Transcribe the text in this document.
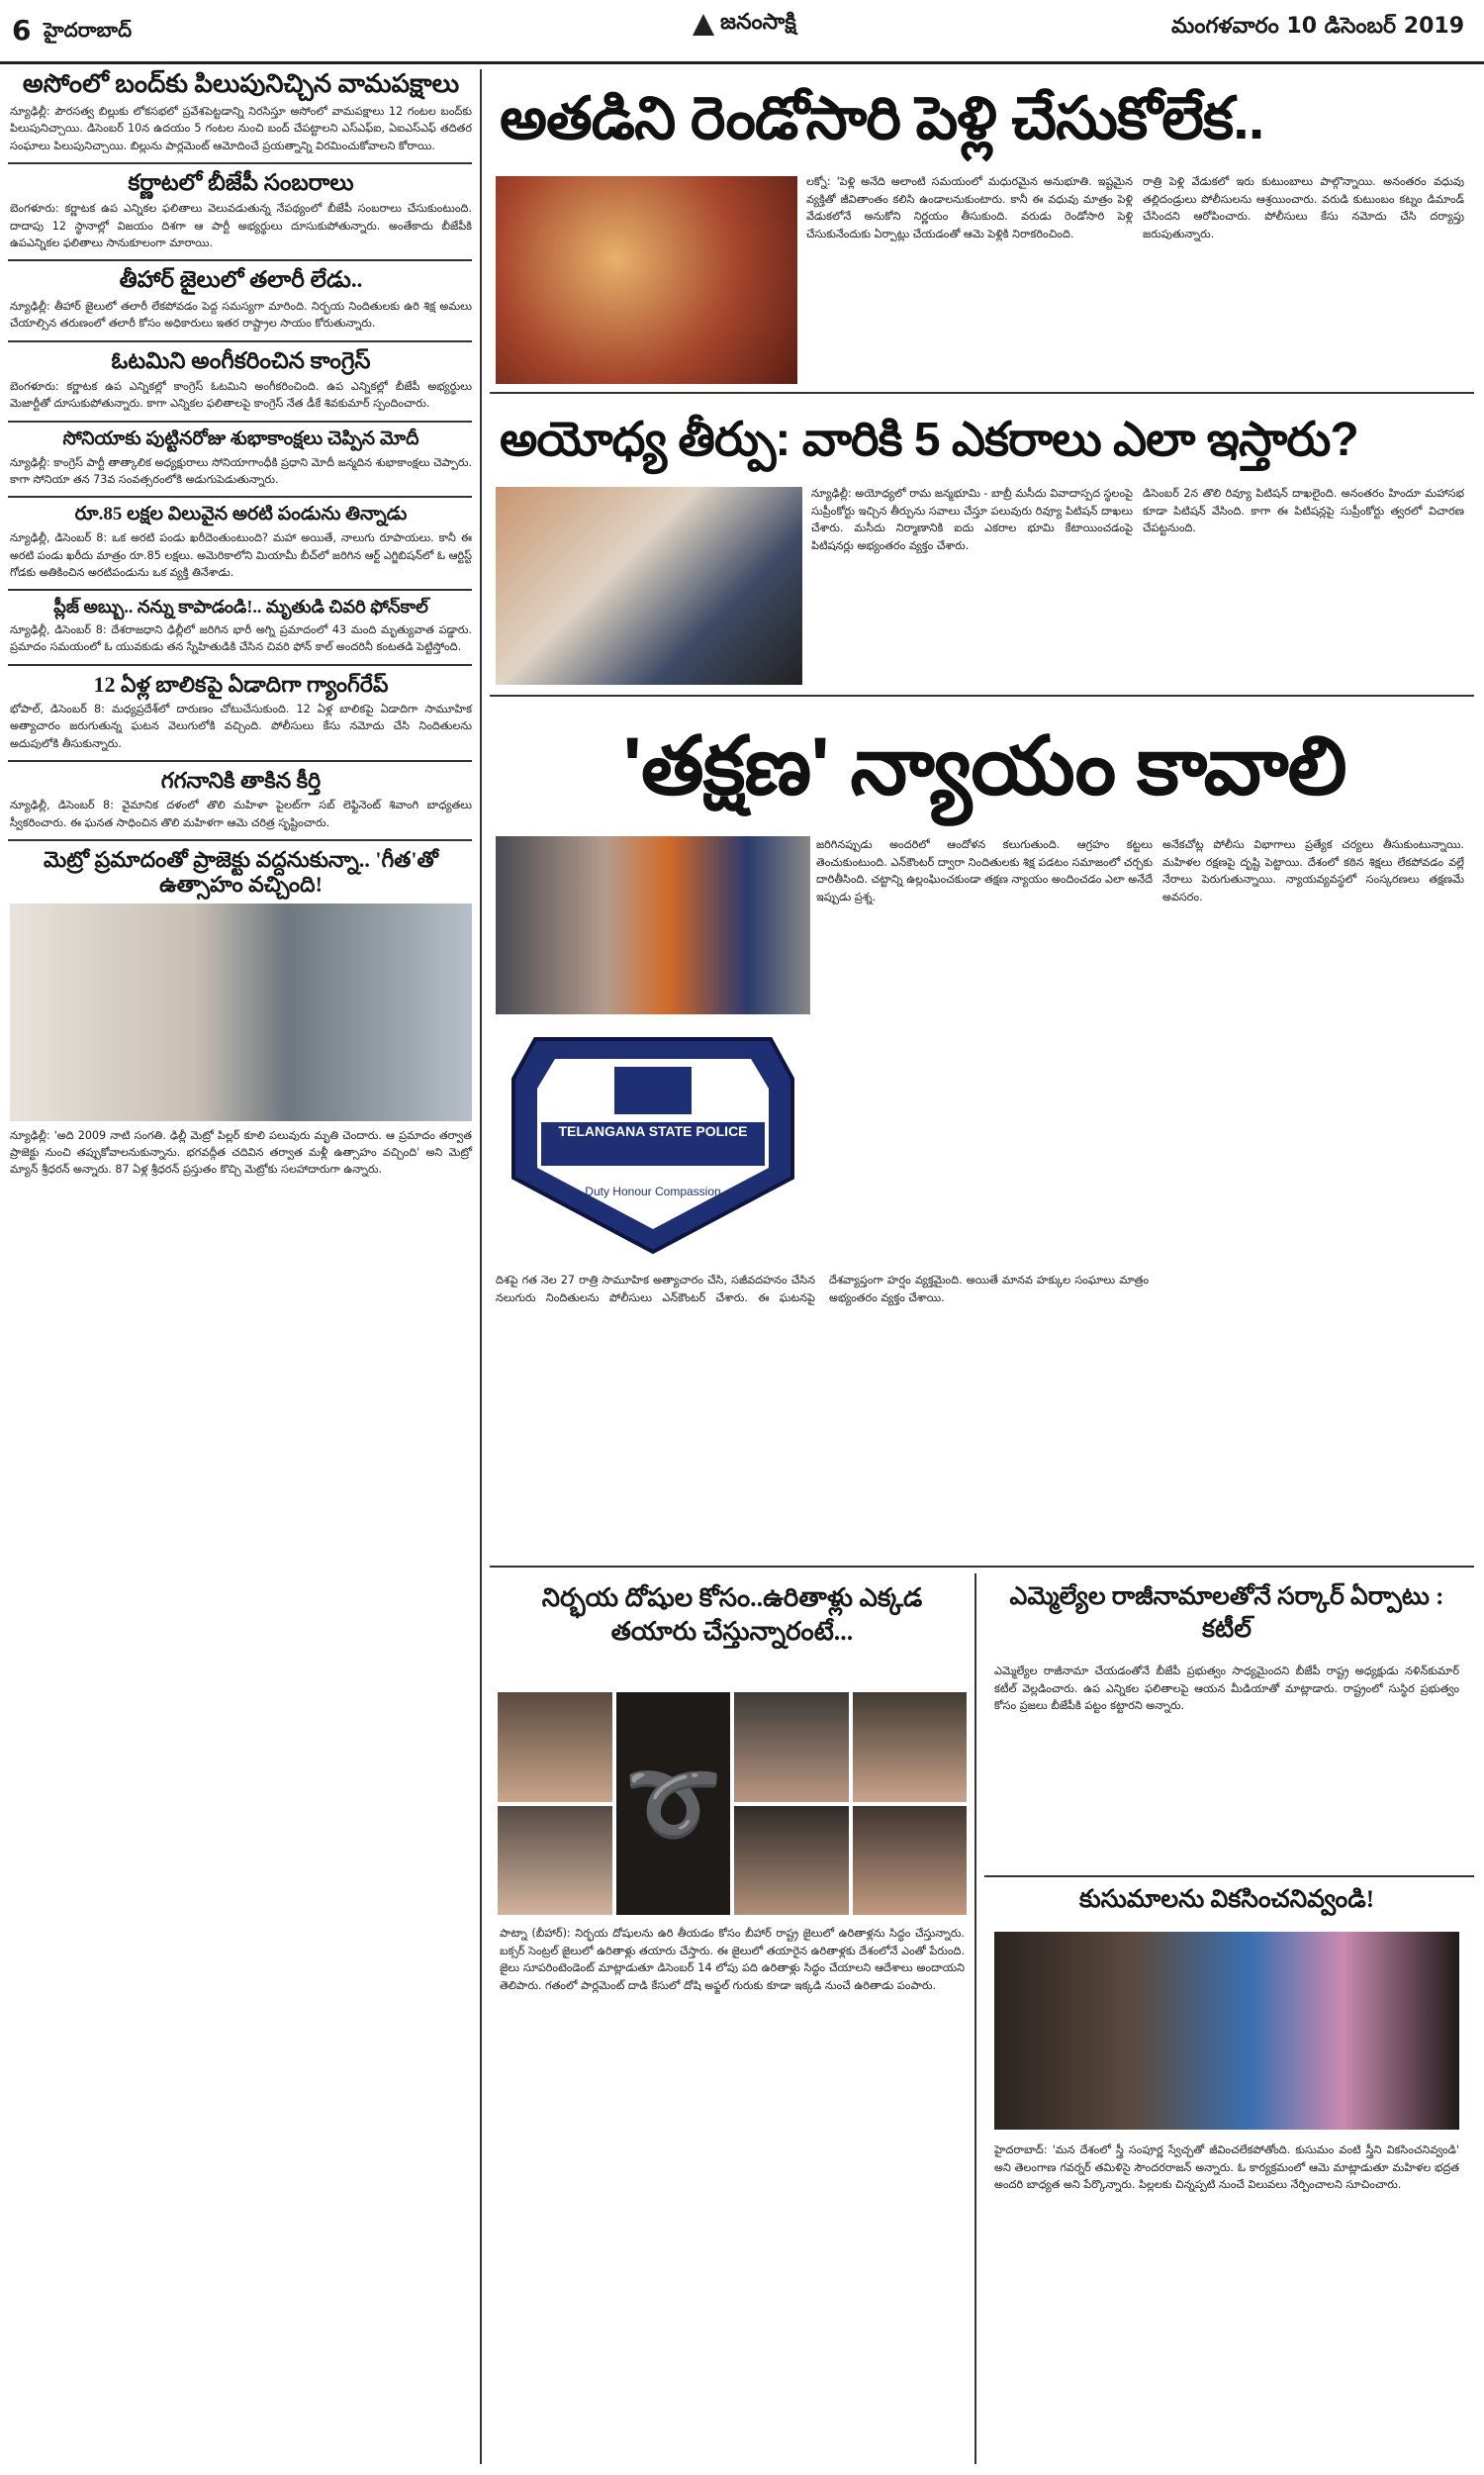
6 హైదరాబాద్	జనంసాక్షి	మంగళవారం 10 డిసెంబర్ 2019
అసోంలో బంద్‌కు పిలుపునిచ్చిన వామపక్షాలు

న్యూఢిల్లీ: పౌరసత్వ బిల్లుకు లోకసభలో ప్రవేశపెట్టడాన్ని నిరసిస్తూ అసోంలో వామపక్షాలు 12 గంటల బంద్‌కు పిలుపునిచ్చాయి. డిసెంబర్ 10న ఉదయం 5 గంటల నుంచి బంద్ చేపట్టాలని ఎస్‌ఎఫ్‌ఐ, ఏఐఎస్‌ఎఫ్ తదితర సంఘాలు పిలుపునిచ్చాయి. బిల్లును పార్లమెంట్ ఆమోదించే ప్రయత్నాన్ని విరమించుకోవాలని కోరాయి.

కర్ణాటలో బీజేపీ సంబరాలు

బెంగళూరు: కర్ణాటక ఉప ఎన్నికల ఫలితాలు వెలువడుతున్న నేపథ్యంలో బీజేపీ సంబరాలు చేసుకుంటుంది. దాదాపు 12 స్థానాల్లో విజయం దిశగా ఆ పార్టీ అభ్యర్థులు దూసుకుపోతున్నారు. అంతేకాదు బీజేపీకి ఉపఎన్నికల ఫలితాలు సానుకూలంగా మారాయి.

తీహార్ జైలులో తలారీ లేడు..

న్యూఢిల్లీ: తీహార్ జైలులో తలారీ లేకపోవడం పెద్ద సమస్యగా మారింది. నిర్భయ నిందితులకు ఉరి శిక్ష అమలు చేయాల్సిన తరుణంలో తలారీ కోసం అధికారులు ఇతర రాష్ట్రాల సాయం కోరుతున్నారు.

ఓటమిని అంగీకరించిన కాంగ్రెస్

బెంగళూరు: కర్ణాటక ఉప ఎన్నికల్లో కాంగ్రెస్ ఓటమిని అంగీకరించింది. ఉప ఎన్నికల్లో బీజేపీ అభ్యర్థులు మెజార్టీతో దూసుకుపోతున్నారు. కాగా ఎన్నికల ఫలితాలపై కాంగ్రెస్ నేత డీకే శివకుమార్ స్పందించారు.

సోనియాకు పుట్టినరోజు శుభాకాంక్షలు చెప్పిన మోదీ

న్యూఢిల్లీ: కాంగ్రెస్ పార్టీ తాత్కాలిక అధ్యక్షురాలు సోనియాగాంధీకి ప్రధాని మోదీ జన్మదిన శుభాకాంక్షలు చెప్పారు. కాగా సోనియా తన 73వ సంవత్సరంలోకి అడుగుపెడుతున్నారు.

రూ.85 లక్షల విలువైన అరటి పండును తిన్నాడు

న్యూఢిల్లీ, డిసెంబర్ 8: ఒక అరటి పండు ఖరీదెంతుంటుంది? మహా అయితే, నాలుగు రూపాయలు. కానీ ఈ అరటి పండు ఖరీదు మాత్రం రూ.85 లక్షలు. అమెరికాలోని మియామీ బీచ్‌లో జరిగిన ఆర్ట్ ఎగ్జిబిషన్‌లో ఓ ఆర్టిస్ట్ గోడకు అతికించిన అరటిపండును ఒక వ్యక్తి తినేశాడు.

ప్లీజ్ అబ్బు.. నన్ను కాపాడండి!.. మృతుడి చివరి ఫోన్‌కాల్

న్యూఢిల్లీ, డిసెంబర్ 8: దేశరాజధాని ఢిల్లీలో జరిగిన భారీ అగ్ని ప్రమాదంలో 43 మంది మృత్యువాత పడ్డారు. ప్రమాదం సమయంలో ఓ యువకుడు తన స్నేహితుడికి చేసిన చివరి ఫోన్ కాల్ అందరినీ కంటతడి పెట్టిస్తోంది.

12 ఏళ్ల బాలికపై ఏడాదిగా గ్యాంగ్‌రేప్

భోపాల్, డిసెంబర్ 8: మధ్యప్రదేశ్‌లో దారుణం చోటుచేసుకుంది. 12 ఏళ్ల బాలికపై ఏడాదిగా సామూహిక అత్యాచారం జరుగుతున్న ఘటన వెలుగులోకి వచ్చింది. పోలీసులు కేసు నమోదు చేసి నిందితులను అదుపులోకి తీసుకున్నారు.

గగనానికి తాకిన కీర్తి

న్యూఢిల్లీ, డిసెంబర్ 8: వైమానిక దళంలో తొలి మహిళా పైలట్‌గా సబ్ లెఫ్టినెంట్ శివాంగి బాధ్యతలు స్వీకరించారు. ఈ ఘనత సాధించిన తొలి మహిళగా ఆమె చరిత్ర సృష్టించారు.

మెట్రో ప్రమాదంతో ప్రాజెక్టు వద్దనుకున్నా.. 'గీత'తో ఉత్సాహం వచ్చింది!

న్యూఢిల్లీ: 'అది 2009 నాటి సంగతి. ఢిల్లీ మెట్రో పిల్లర్ కూలి పలువురు మృతి చెందారు. ఆ ప్రమాదం తర్వాత ప్రాజెక్టు నుంచి తప్పుకోవాలనుకున్నాను. భగవద్గీత చదివిన తర్వాత మళ్లీ ఉత్సాహం వచ్చింది' అని మెట్రో మ్యాన్ శ్రీధరన్ అన్నారు. 87 ఏళ్ల శ్రీధరన్ ప్రస్తుతం కొచ్చి మెట్రోకు సలహాదారుగా ఉన్నారు.

అతడిని రెండోసారి పెళ్లి చేసుకోలేక..
లక్నో: 'పెళ్లి అనేది అలాంటి సమయంలో మధురమైన అనుభూతి. ఇష్టమైన వ్యక్తితో జీవితాంతం కలిసి ఉండాలనుకుంటారు. కానీ ఈ వధువు మాత్రం పెళ్లి వేడుకలోనే అనుకోని నిర్ణయం తీసుకుంది. వరుడు రెండోసారి పెళ్లి చేసుకునేందుకు ఏర్పాట్లు చేయడంతో ఆమె పెళ్లికి నిరాకరించింది.
రాత్రి పెళ్లి వేడుకలో ఇరు కుటుంబాలు పాల్గొన్నాయి. అనంతరం వధువు తల్లిదండ్రులు పోలీసులను ఆశ్రయించారు. వరుడి కుటుంబం కట్నం డిమాండ్ చేసిందని ఆరోపించారు. పోలీసులు కేసు నమోదు చేసి దర్యాప్తు జరుపుతున్నారు.
అయోధ్య తీర్పు: వారికి 5 ఎకరాలు ఎలా ఇస్తారు?
న్యూఢిల్లీ: అయోధ్యలో రామ జన్మభూమి - బాబ్రీ మసీదు వివాదాస్పద స్థలంపై సుప్రీంకోర్టు ఇచ్చిన తీర్పును సవాలు చేస్తూ పలువురు రివ్యూ పిటిషన్ దాఖలు చేశారు. మసీదు నిర్మాణానికి ఐదు ఎకరాల భూమి కేటాయించడంపై పిటిషనర్లు అభ్యంతరం వ్యక్తం చేశారు.
డిసెంబర్ 2న తొలి రివ్యూ పిటిషన్ దాఖలైంది. అనంతరం హిందూ మహాసభ కూడా పిటిషన్ వేసింది. కాగా ఈ పిటిషన్లపై సుప్రీంకోర్టు త్వరలో విచారణ చేపట్టనుంది.
'తక్షణ' న్యాయం కావాలి
TELANGANA STATE POLICE
Duty Honour Compassion
జరిగినప్పుడు అందరిలో ఆందోళన కలుగుతుంది. ఆగ్రహం కట్టలు తెంచుకుంటుంది. ఎన్‌కౌంటర్ ద్వారా నిందితులకు శిక్ష పడటం సమాజంలో చర్చకు దారితీసింది. చట్టాన్ని ఉల్లంఘించకుండా తక్షణ న్యాయం అందించడం ఎలా అనేదే ఇప్పుడు ప్రశ్న.
దిశపై గత నెల 27 రాత్రి సామూహిక అత్యాచారం చేసి, సజీవదహనం చేసిన నలుగురు నిందితులను పోలీసులు ఎన్‌కౌంటర్ చేశారు. ఈ ఘటనపై దేశవ్యాప్తంగా హర్షం వ్యక్తమైంది. అయితే మానవ హక్కుల సంఘాలు మాత్రం అభ్యంతరం వ్యక్తం చేశాయి.
అనేకచోట్ల పోలీసు విభాగాలు ప్రత్యేక చర్యలు తీసుకుంటున్నాయి. మహిళల రక్షణపై దృష్టి పెట్టాయి. దేశంలో కఠిన శిక్షలు లేకపోవడం వల్లే నేరాలు పెరుగుతున్నాయి. న్యాయవ్యవస్థలో సంస్కరణలు తక్షణమే అవసరం.
నిర్భయ దోషుల కోసం..ఉరితాళ్లు ఎక్కడ తయారు చేస్తున్నారంటే...
➰
పాట్నా (బీహార్): నిర్భయ దోషులను ఉరి తీయడం కోసం బీహార్ రాష్ట్ర జైలులో ఉరితాళ్లను సిద్ధం చేస్తున్నారు. బక్సర్ సెంట్రల్ జైలులో ఉరితాళ్లు తయారు చేస్తారు. ఈ జైలులో తయారైన ఉరితాళ్లకు దేశంలోనే ఎంతో పేరుంది. జైలు సూపరింటెండెంట్ మాట్లాడుతూ డిసెంబర్ 14 లోపు పది ఉరితాళ్లు సిద్ధం చేయాలని ఆదేశాలు అందాయని తెలిపారు. గతంలో పార్లమెంట్ దాడి కేసులో దోషి అఫ్జల్ గురుకు కూడా ఇక్కడి నుంచే ఉరితాడు పంపారు.
ఎమ్మెల్యేల రాజీనామాలతోనే సర్కార్ ఏర్పాటు : కటీల్
ఎమ్మెల్యేల రాజీనామా చేయడంతోనే బీజేపీ ప్రభుత్వం సాధ్యమైందని బీజేపీ రాష్ట్ర అధ్యక్షుడు నళిన్‌కుమార్ కటీల్ వెల్లడించారు. ఉప ఎన్నికల ఫలితాలపై ఆయన మీడియాతో మాట్లాడారు. రాష్ట్రంలో సుస్థిర ప్రభుత్వం కోసం ప్రజలు బీజేపీకి పట్టం కట్టారని అన్నారు.
కుసుమాలను వికసించనివ్వండి!
హైదరాబాద్: 'మన దేశంలో స్త్రీ సంపూర్ణ స్వేచ్ఛతో జీవించలేకపోతోంది. కుసుమం వంటి స్త్రీని వికసించనివ్వండి' అని తెలంగాణ గవర్నర్ తమిళిసై సౌందరరాజన్ అన్నారు. ఓ కార్యక్రమంలో ఆమె మాట్లాడుతూ మహిళల భద్రత అందరి బాధ్యత అని పేర్కొన్నారు. పిల్లలకు చిన్నప్పటి నుంచే విలువలు నేర్పించాలని సూచించారు.
